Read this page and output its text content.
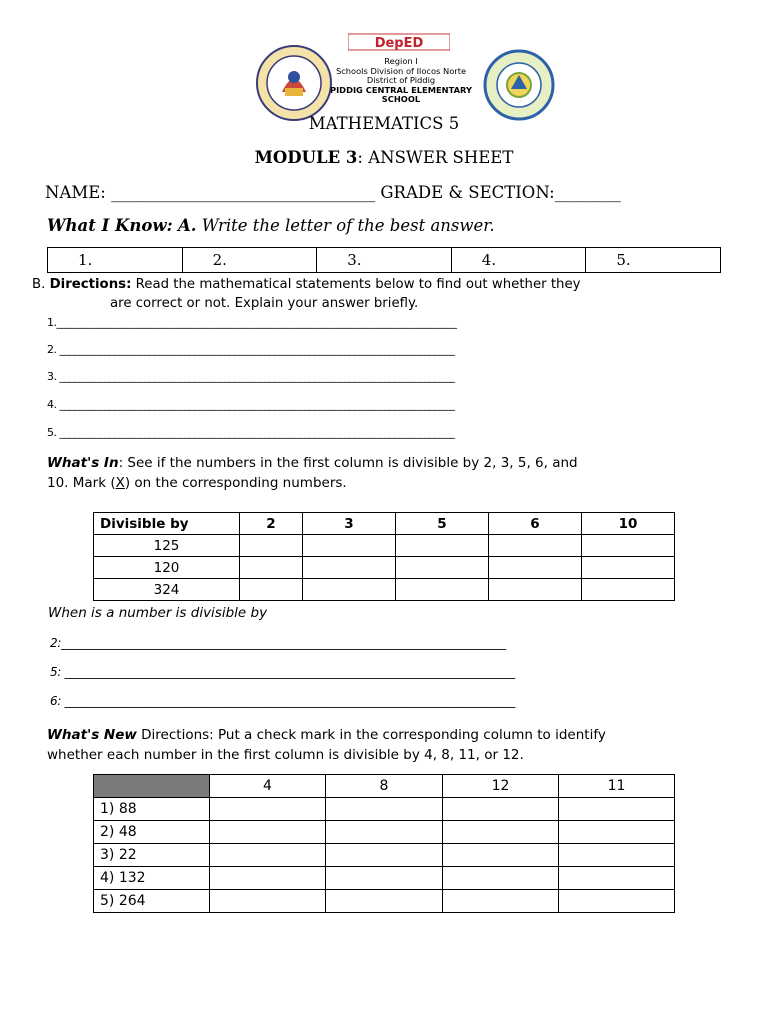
DepED
Region I
Schools Division of Ilocos Norte
District of Piddig
PIDDIG CENTRAL ELEMENTARY SCHOOL
MATHEMATICS 5
MODULE 3: ANSWER SHEET
NAME: ________________________________ GRADE & SECTION:________
What I Know: A. Write the letter of the best answer.
1.	2.	3.	4.	5.
B. Directions: Read the mathematical statements below to find out whether they
are correct or not. Explain your answer briefly.
1.________________________________________________________________________________
2. _______________________________________________________________________________
3. _______________________________________________________________________________
4. _______________________________________________________________________________
5. _______________________________________________________________________________
What's In: See if the numbers in the first column is divisible by 2, 3, 5, 6, and
10. Mark (X) on the corresponding numbers.
Divisible by	2	3	5	6	10
125					
120					
324					
When is a number is divisible by
2:______________________________________________________________________________
5: _______________________________________________________________________________
6: _______________________________________________________________________________
What's New Directions: Put a check mark in the corresponding column to identify
whether each number in the first column is divisible by 4, 8, 11, or 12.
	4	8	12	11
1) 88				
2) 48				
3) 22				
4) 132				
5) 264				
